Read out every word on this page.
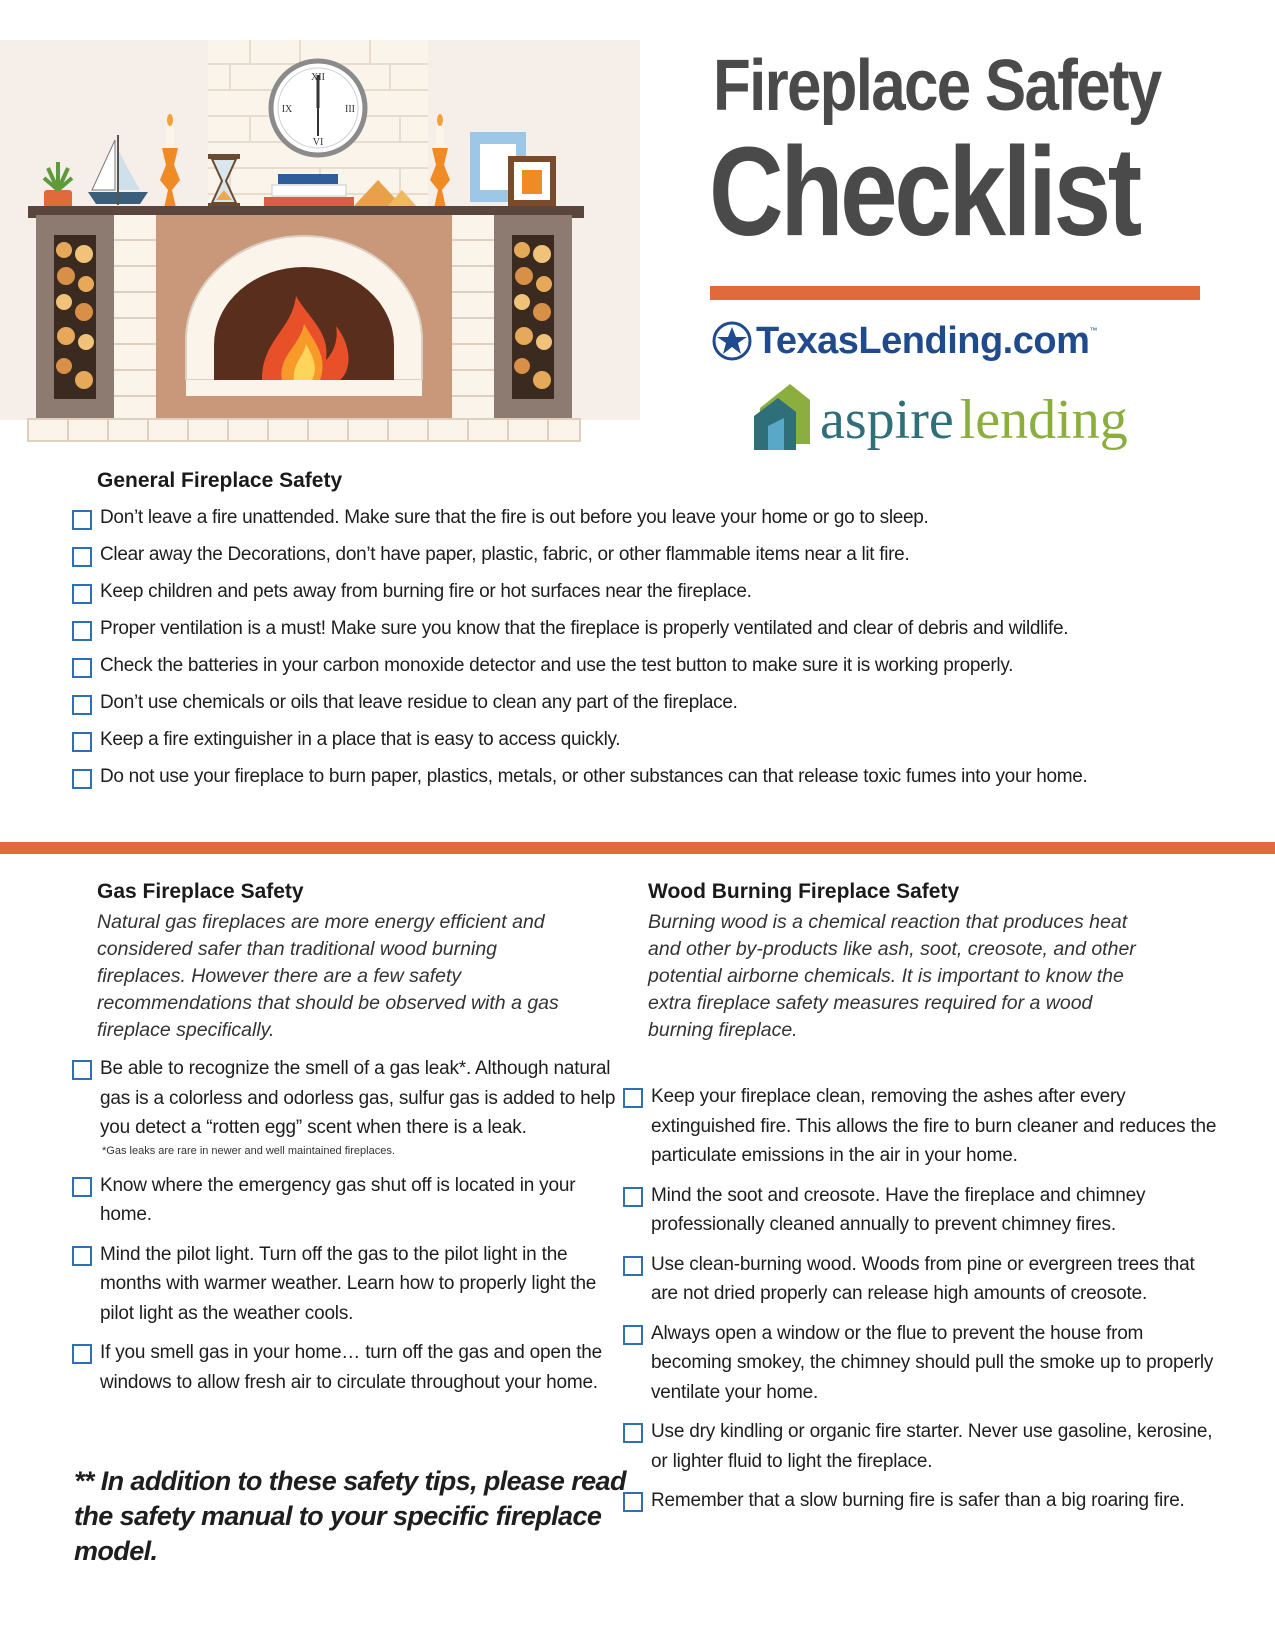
XII
III
VI
IX	Fireplace Safety
Checklist
TexasLending.com ™
aspire lending
General Fireplace Safety
Don’t leave a fire unattended. Make sure that the fire is out before you leave your home or go to sleep.
Clear away the Decorations, don’t have paper, plastic, fabric, or other flammable items near a lit fire.
Keep children and pets away from burning fire or hot surfaces near the fireplace.
Proper ventilation is a must! Make sure you know that the fireplace is properly ventilated and clear of debris and wildlife.
Check the batteries in your carbon monoxide detector and use the test button to make sure it is working properly.
Don’t use chemicals or oils that leave residue to clean any part of the fireplace.
Keep a fire extinguisher in a place that is easy to access quickly.
Do not use your fireplace to burn paper, plastics, metals, or other substances can that release toxic fumes into your home.
Gas Fireplace Safety
Natural gas fireplaces are more energy efficient and considered safer than traditional wood burning fireplaces. However there are a few safety recommendations that should be observed with a gas fireplace specifically.
Be able to recognize the smell of a gas leak*. Although natural gas is a colorless and odorless gas, sulfur gas is added to help you detect a “rotten egg” scent when there is a leak.
*Gas leaks are rare in newer and well maintained fireplaces.
Know where the emergency gas shut off is located in your home.
Mind the pilot light. Turn off the gas to the pilot light in the months with warmer weather. Learn how to properly light the pilot light as the weather cools.
If you smell gas in your home… turn off the gas and open the windows to allow fresh air to circulate throughout your home.
Wood Burning Fireplace Safety
Burning wood is a chemical reaction that produces heat and other by-products like ash, soot, creosote, and other potential airborne chemicals. It is important to know the extra fireplace safety measures required for a wood burning fireplace.
Keep your fireplace clean, removing the ashes after every extinguished fire. This allows the fire to burn cleaner and reduces the particulate emissions in the air in your home.
Mind the soot and creosote. Have the fireplace and chimney professionally cleaned annually to prevent chimney fires.
Use clean-burning wood. Woods from pine or evergreen trees that are not dried properly can release high amounts of creosote.
Always open a window or the flue to prevent the house from becoming smokey, the chimney should pull the smoke up to properly ventilate your home.
Use dry kindling or organic fire starter. Never use gasoline, kerosine, or lighter fluid to light the fireplace.
Remember that a slow burning fire is safer than a big roaring fire.
** In addition to these safety tips, please read the safety manual to your specific fireplace model.
